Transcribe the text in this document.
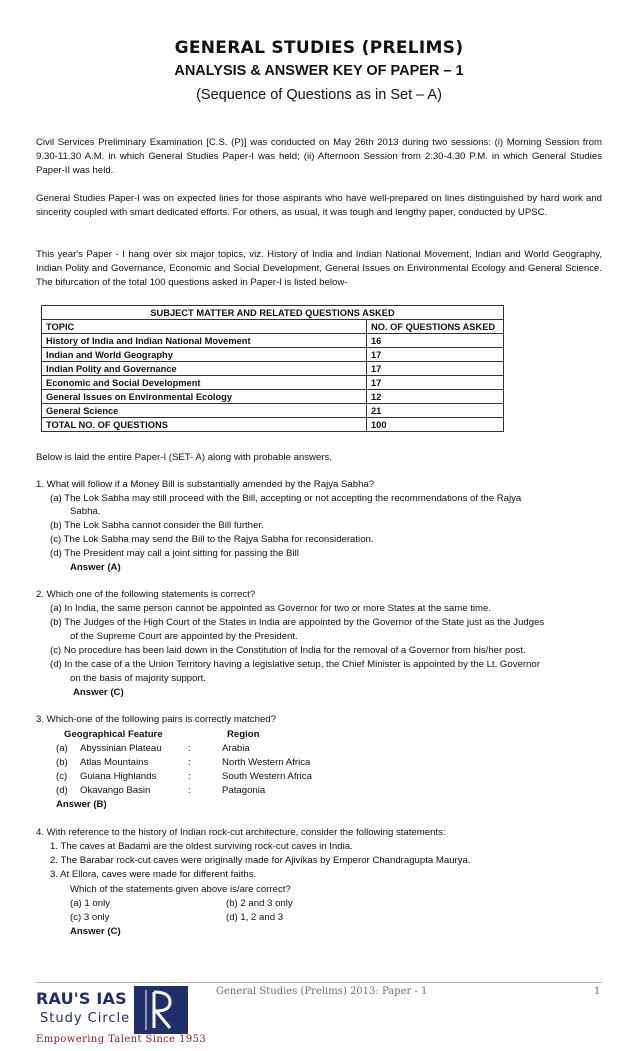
GENERAL STUDIES (PRELIMS)
ANALYSIS & ANSWER KEY OF PAPER – 1
(Sequence of Questions as in Set – A)
Civil Services Preliminary Examination [C.S. (P)] was conducted on May 26th 2013 during two sessions: (i) Morning Session from 9.30-11.30 A.M. in which General Studies Paper-I was held; (ii) Afternoon Session from 2.30-4.30 P.M. in which General Studies Paper-II was held.
General Studies Paper-I was on expected lines for those aspirants who have well-prepared on lines distinguished by hard work and sincerity coupled with smart dedicated efforts. For others, as usual, it was tough and lengthy paper, conducted by UPSC.
This year's Paper - I hang over six major topics, viz. History of India and Indian National Movement, Indian and World Geography, Indian Polity and Governance, Economic and Social Development, General Issues on Environmental Ecology and General Science. The bifurcation of the total 100 questions asked in Paper-I is listed below-
SUBJECT MATTER AND RELATED QUESTIONS ASKED	
TOPIC	NO. OF QUESTIONS ASKED
History of India and Indian National Movement	16
Indian and World Geography	17
Indian Polity and Governance	17
Economic and Social Development	17
General Issues on Environmental Ecology	12
General Science	21
TOTAL NO. OF QUESTIONS	100
Below is laid the entire Paper-I (SET- A) along with probable answers.
1. What will follow if a Money Bill is substantially amended by the Rajya Sabha?
(a) The Lok Sabha may still proceed with the Bill, accepting or not accepting the recommendations of the Rajya
Sabha.
(b) The Lok Sabha cannot consider the Bill further.
(c) The Lok Sabha may send the Bill to the Rajya Sabha for reconsideration.
(d) The President may call a joint sitting for passing the Bill
Answer (A)
2. Which one of the following statements is correct?
(a) In India, the same person cannot be appointed as Governor for two or more States at the same time.
(b) The Judges of the High Court of the States in India are appointed by the Governor of the State just as the Judges
of the Supreme Court are appointed by the President.
(c) No procedure has been laid down in the Constitution of India for the removal of a Governor from his/her post.
(d) In the case of a the Union Territory having a legislative setup, the Chief Minister is appointed by the Lt. Governor
on the basis of majority support.
Answer (C)
3. Which-one of the following pairs is correctly matched?
Geographical Feature	Region
(a) Abyssinian Plateau	:	Arabia
(b) Atlas Mountains	:	North Western Africa
(c) Guiana Highlands	:	South Western Africa
(d) Okavango Basin	:	Patagonia
Answer (B)
4. With reference to the history of Indian rock-cut architecture, consider the following statements:
1. The caves at Badami are the oldest surviving rock-cut caves in India.
2. The Barabar rock-cut caves were originally made for Ajivikas by Emperor Chandragupta Maurya.
3. At Ellora, caves were made for different faiths.
Which of the statements given above is/are correct?
(a) 1 only	(b) 2 and 3 only
(c) 3 only	(d) 1, 2 and 3
Answer (C)
RAU'S IAS
Study Circle
Empowering Talent Since 1953
General Studies (Prelims) 2013: Paper - 1	1
